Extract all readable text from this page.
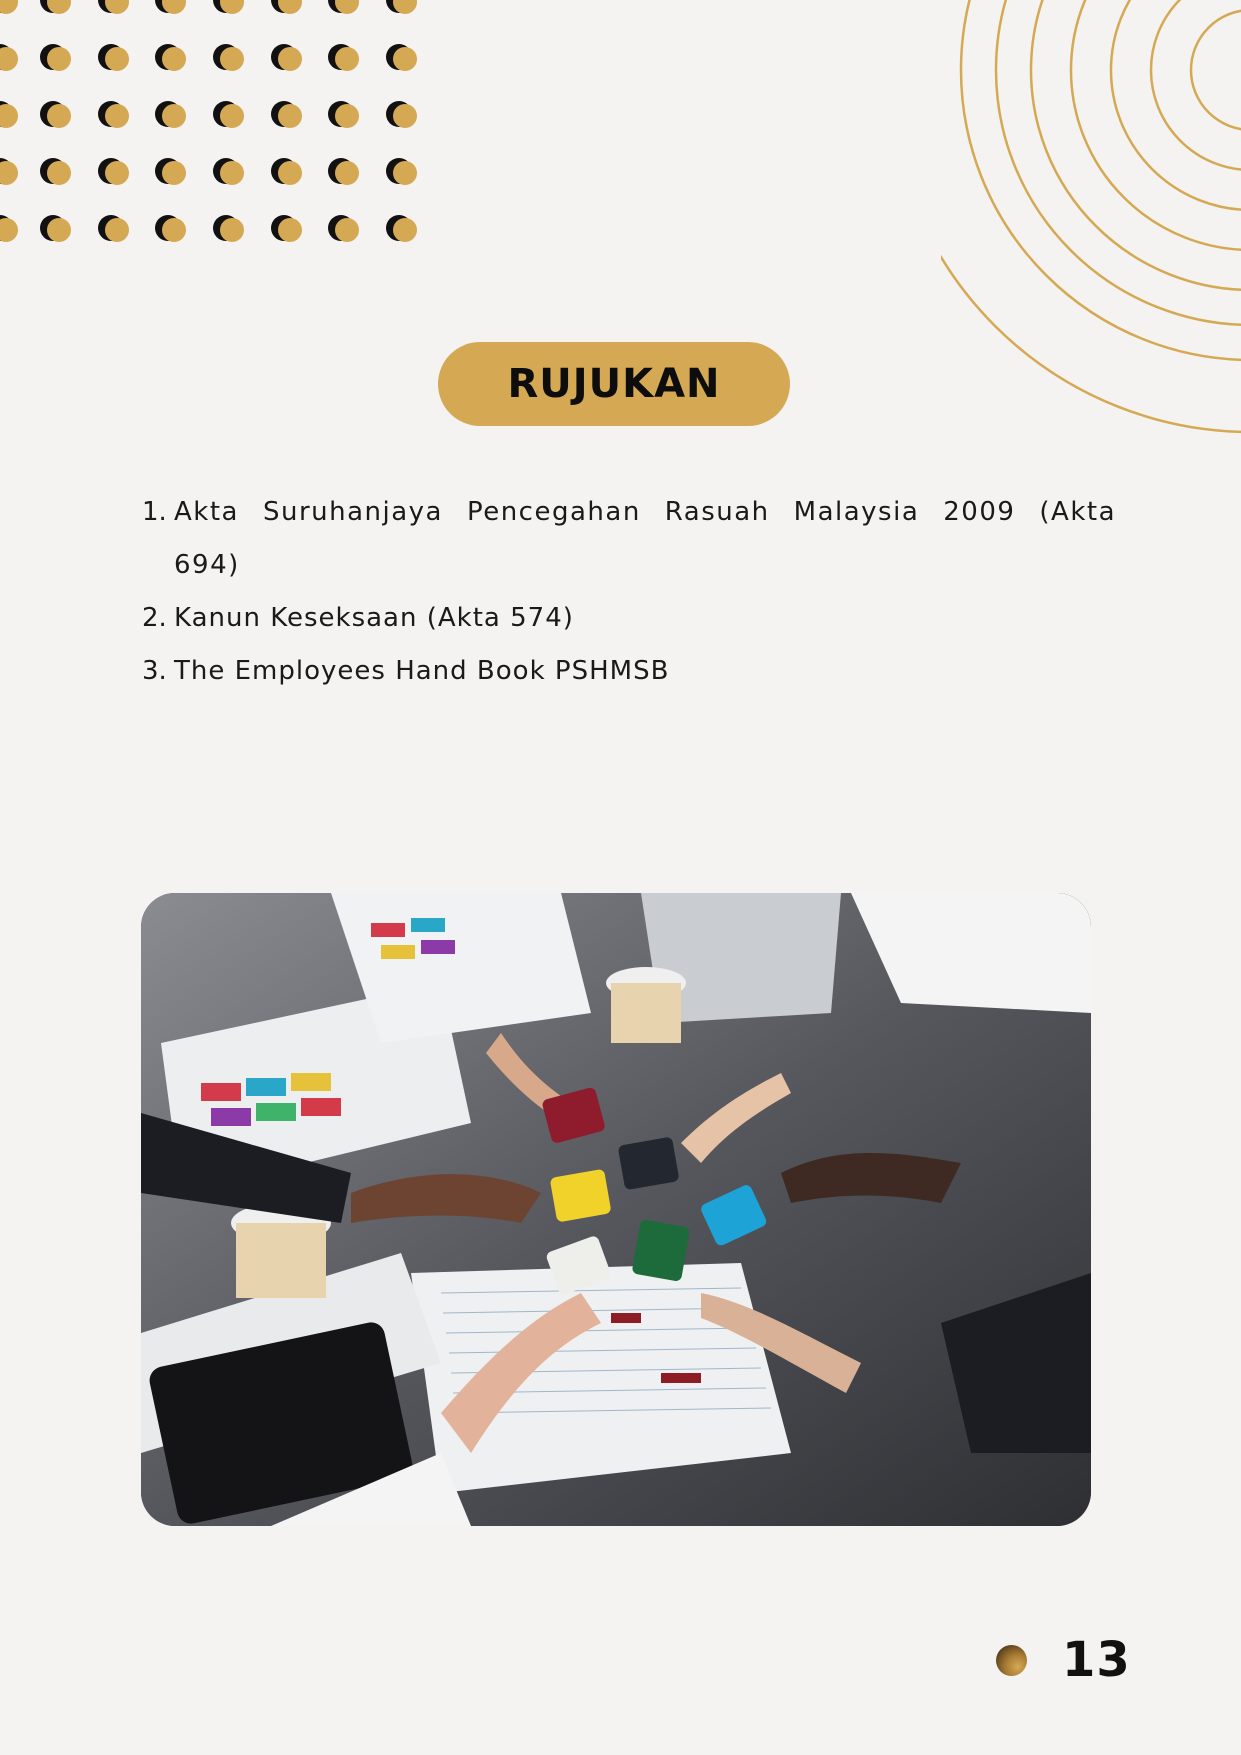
RUJUKAN
1. Akta Suruhanjaya Pencegahan Rasuah Malaysia 2009 (Akta 694)
2. Kanun Keseksaan (Akta 574)
3. The Employees Hand Book PSHMSB
13
